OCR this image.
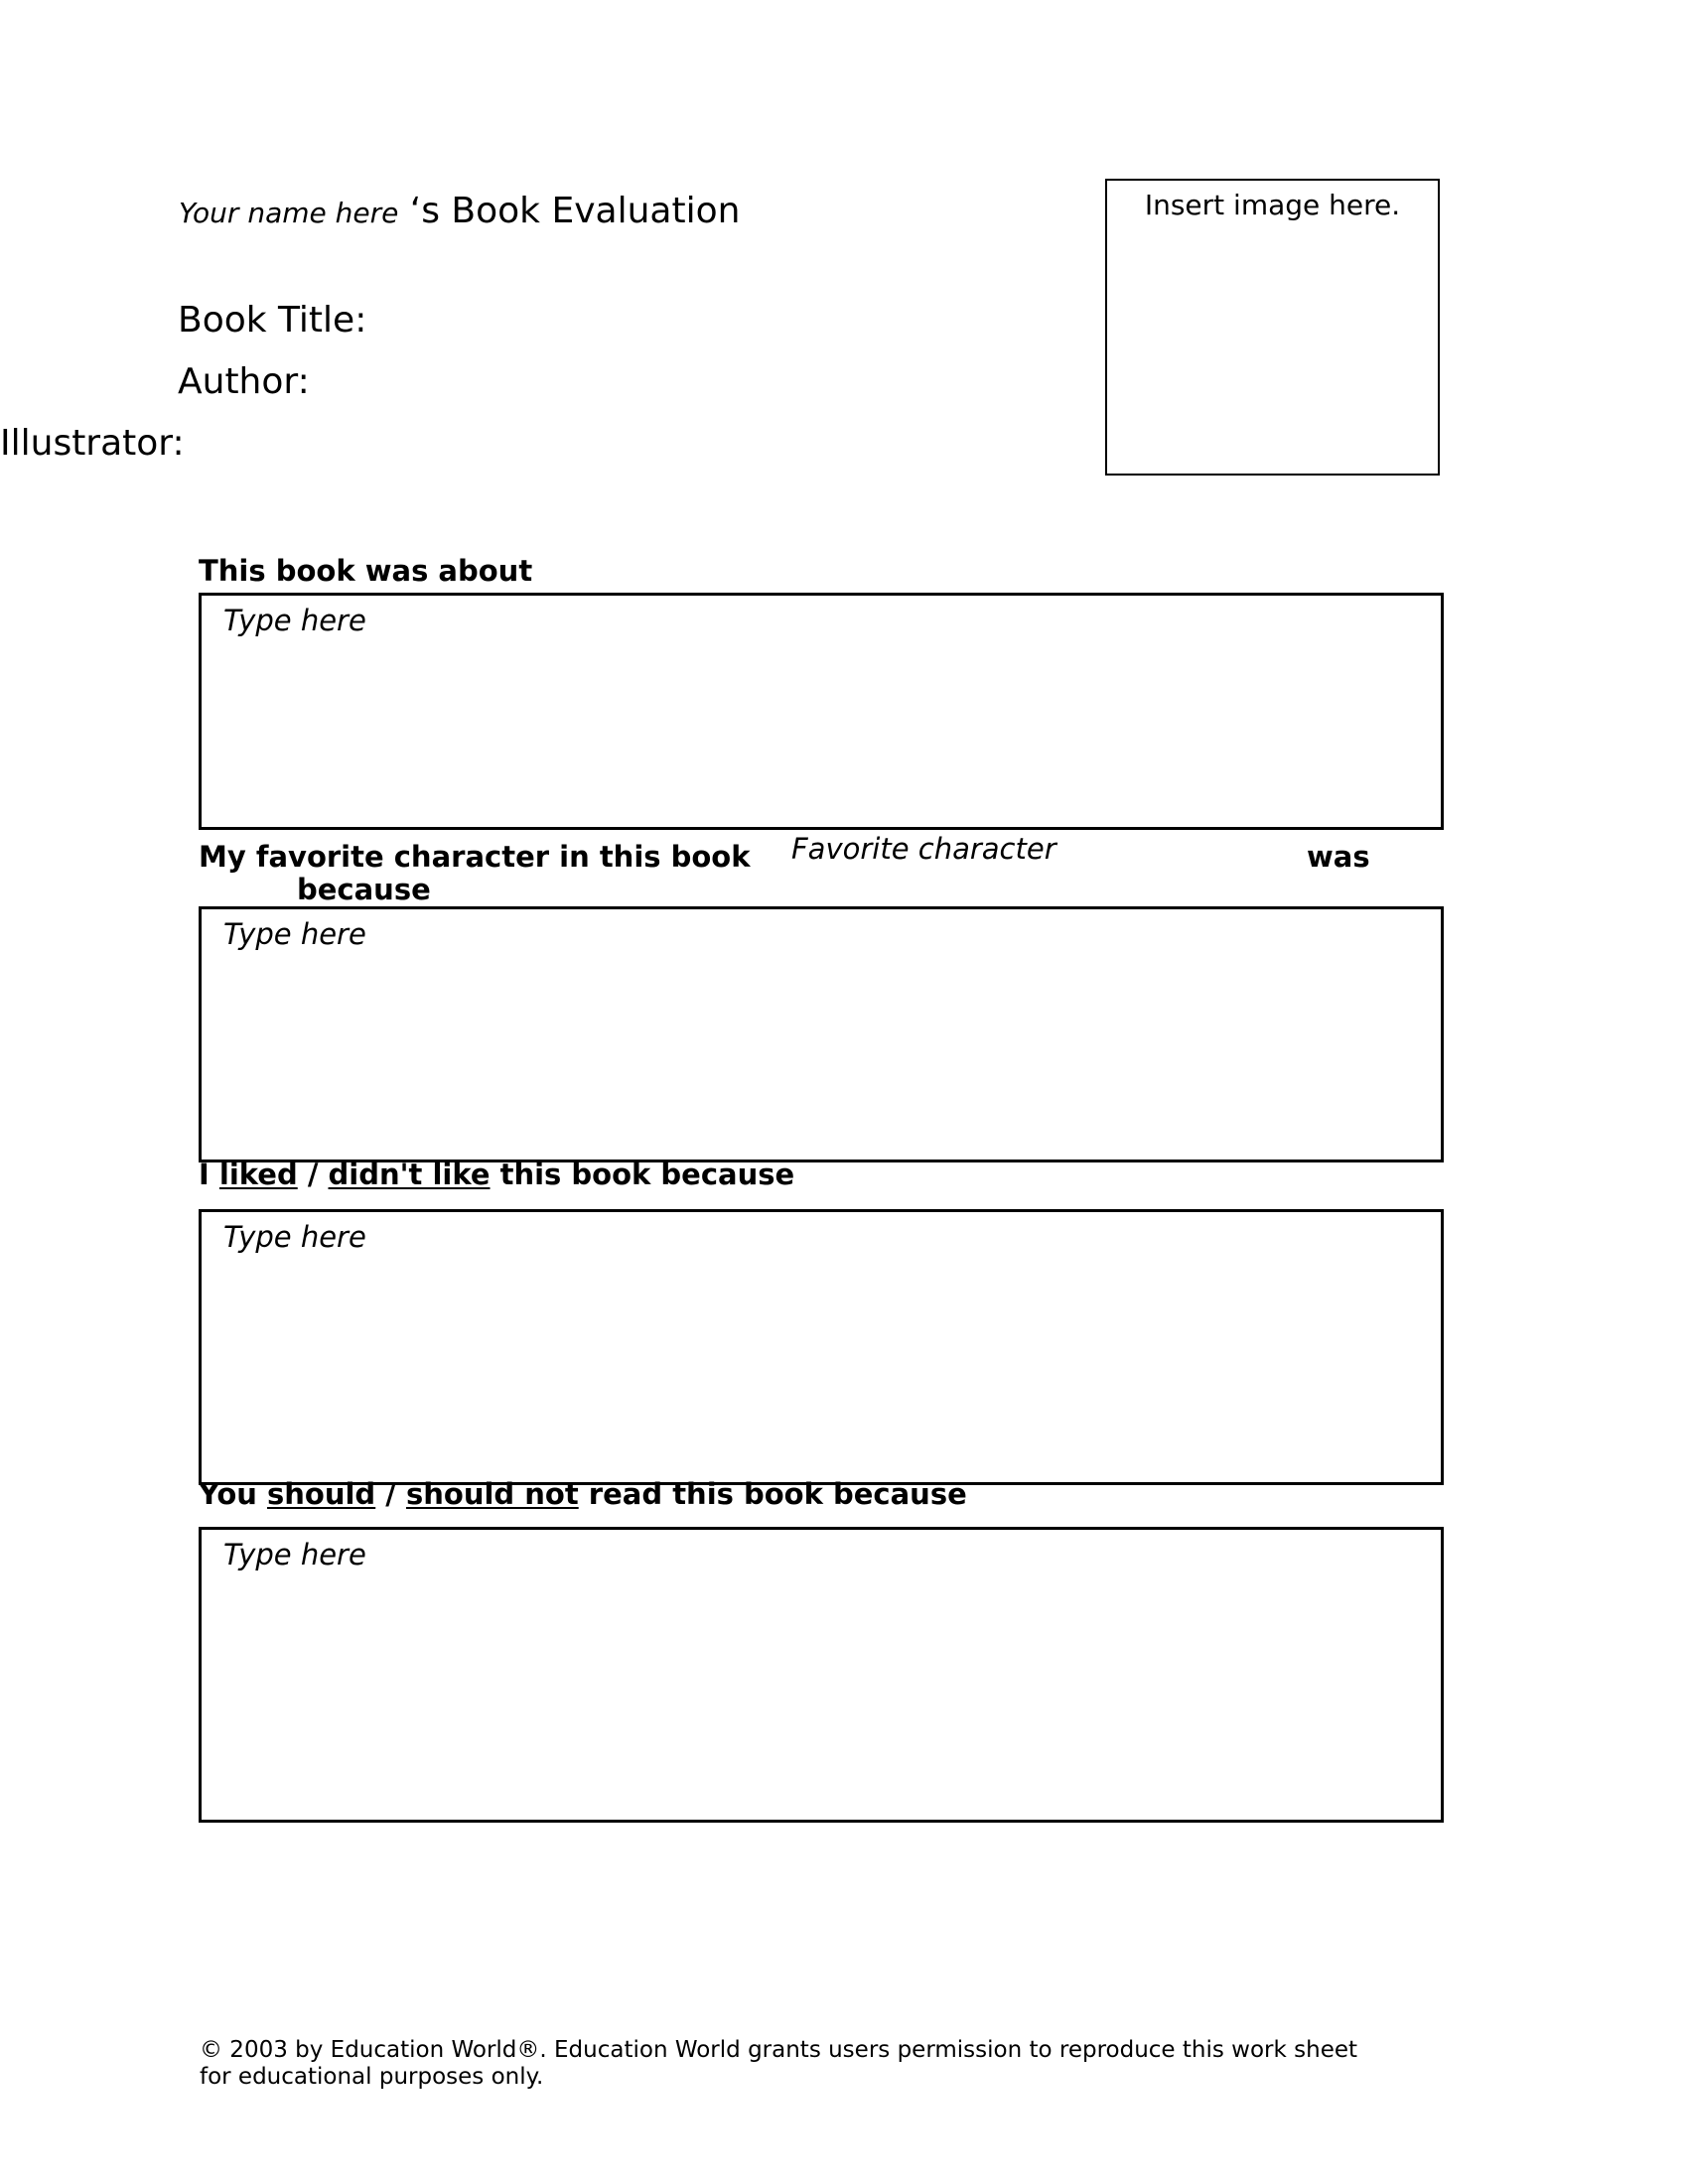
Your name here ‘s Book Evaluation
Book Title:
Author:
Illustrator:
Insert image here.
This book was about
Type here
My favorite character in this book Favorite character	was
because
Type here
I liked / didn't like this book because
Type here
You should / should not read this book because
Type here
© 2003 by Education World®. Education World grants users permission to reproduce this work sheet for educational purposes only.
